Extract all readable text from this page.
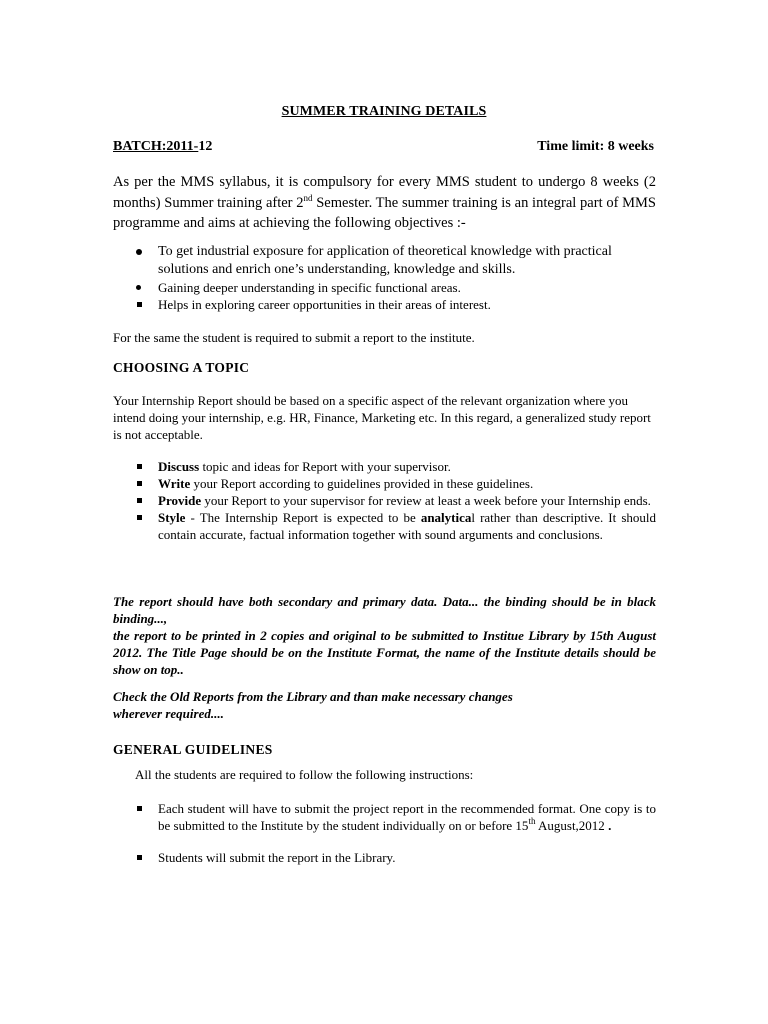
SUMMER TRAINING DETAILS

BATCH:2011-12	Time limit: 8 weeks

As per the MMS syllabus, it is compulsory for every MMS student to undergo 8 weeks (2 months) Summer training after 2nd Semester. The summer training is an integral part of MMS programme and aims at achieving the following objectives :-

To get industrial exposure for application of theoretical knowledge with practical solutions and enrich one’s understanding, knowledge and skills.
Gaining deeper understanding in specific functional areas.
Helps in exploring career opportunities in their areas of interest.

For the same the student is required to submit a report to the institute.

CHOOSING A TOPIC

Your Internship Report should be based on a specific aspect of the relevant organization where you intend doing your internship, e.g. HR, Finance, Marketing etc. In this regard, a generalized study report is not acceptable.

Discuss topic and ideas for Report with your supervisor.
Write your Report according to guidelines provided in these guidelines.
Provide your Report to your supervisor for review at least a week before your Internship ends.
Style - The Internship Report is expected to be analytical rather than descriptive. It should contain accurate, factual information together with sound arguments and conclusions.

The report should have both secondary and primary data. Data... the binding should be in black binding...,

the report to be printed in 2 copies and original to be submitted to Institue Library by 15th August 2012. The Title Page should be on the Institute Format, the name of the Institute details should be show on top..

Check the Old Reports from the Library and than make necessary changes
wherever required....

GENERAL GUIDELINES

All the students are required to follow the following instructions:

Each student will have to submit the project report in the recommended format. One copy is to be submitted to the Institute by the student individually on or before 15th August,2012 .
Students will submit the report in the Library.
